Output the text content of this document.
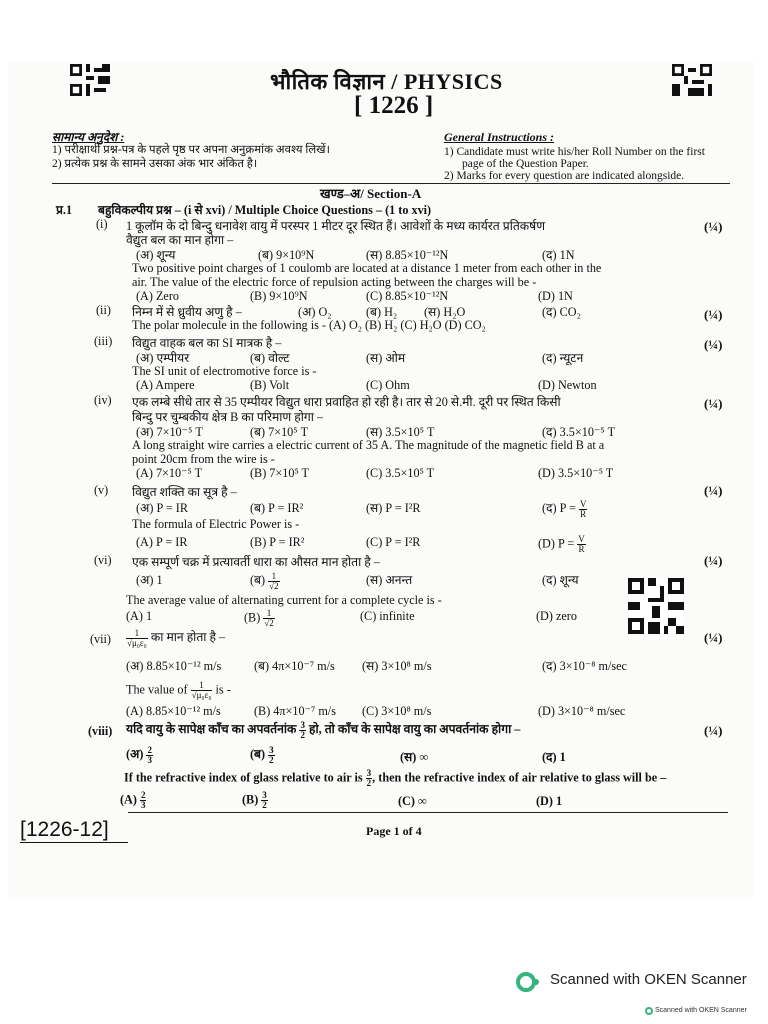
भौतिक विज्ञान / PHYSICS
[ 1226 ]
सामान्य अनुदेश :
1) परीक्षार्थी प्रश्न-पत्र के पहले पृष्ठ पर अपना अनुक्रमांक अवश्य लिखें।
2) प्रत्येक प्रश्न के सामने उसका अंक भार अंकित है।
General Instructions :
1) Candidate must write his/her Roll Number on the first
page of the Question Paper.
2) Marks for every question are indicated alongside.
खण्ड–अ/ Section-A
प्र.1 बहुविकल्पीय प्रश्न – (i से xvi) / Multiple Choice Questions – (1 to xvi)
(i) 1 कूलॉम के दो बिन्दु धनावेश वायु में परस्पर 1 मीटर दूर स्थित हैं। आवेशों के मध्य कार्यरत प्रतिकर्षण	(¼)
वैद्युत बल का मान होगा –
(अ) शून्य	(ब) 9×10⁹N	(स) 8.85×10⁻¹²N	(द) 1N
Two positive point charges of 1 coulomb are located at a distance 1 meter from each other in the
air. The value of the electric force of repulsion acting between the charges will be -
(A) Zero	(B) 9×10⁹N	(C) 8.85×10⁻¹²N	(D) 1N
(ii) निम्न में से ध्रुवीय अणु है –	(अ) O₂	(ब) H₂ (स) H₂O	(द) CO₂	(¼)
The polar molecule in the following is - (A) O₂ (B) H₂ (C) H₂O (D) CO₂
(iii) विद्युत वाहक बल का SI मात्रक है –	(¼)
(अ) एम्पीयर	(ब) वोल्ट	(स) ओम	(द) न्यूटन
The SI unit of electromotive force is -
(A) Ampere	(B) Volt	(C) Ohm	(D) Newton
(iv) एक लम्बे सीधे तार से 35 एम्पीयर विद्युत धारा प्रवाहित हो रही है। तार से 20 से.मी. दूरी पर स्थित किसी	(¼)
बिन्दु पर चुम्बकीय क्षेत्र B का परिमाण होगा –
(अ) 7×10⁻⁵ T	(ब) 7×10⁵ T	(स) 3.5×10⁵ T	(द) 3.5×10⁻⁵ T
A long straight wire carries a electric current of 35 A. The magnitude of the magnetic field B at a
point 20cm from the wire is -
(A) 7×10⁻⁵ T	(B) 7×10⁵ T	(C) 3.5×10⁵ T	(D) 3.5×10⁻⁵ T
(v) विद्युत शक्ति का सूत्र है –	(¼)
(अ) P = IR	(ब) P = IR²	(स) P = I²R	(द) $P = \frac{V}{R}$
The formula of Electric Power is -
(A) P = IR	(B) P = IR²	(C) P = I²R	(D) $P = \frac{V}{R}$
(vi) एक सम्पूर्ण चक्र में प्रत्यावर्ती धारा का औसत मान होता है –	(¼)
(अ) 1	(ब) $\frac{1}{√2}$	(स) अनन्त	(द) शून्य
The average value of alternating current for a complete cycle is -
(A) 1	$(B) \frac{1}{√2}$	(C) infinite	(D) zero
$(vii) \frac{1}{\text{√μ₀ε₀}}$ का मान होता है –	(¼)
(अ) 8.85×10⁻¹² m/s	(ब) 4π×10⁻⁷ m/s (स) 3×10⁸ m/s	(द) 3×10⁻⁸ m/sec
The value of $\frac{1}{\text{√μ₀ε₀}}$ is -
(A) 8.85×10⁻¹² m/s	(B) 4π×10⁻⁷ m/s (C) 3×10⁸ m/s	(D) 3×10⁻⁸ m/sec
(viii) यदि वायु के सापेक्ष काँच का अपवर्तनांक $\frac{3}{2}$ हो, तो काँच के सापेक्ष वायु का अपवर्तनांक होगा –	(¼)
(अ) $\frac{2}{3}$	(ब) $\frac{3}{2}$	(स) ∞	(द) 1
If the refractive index of glass relative to air is $\frac{3}{2}$ , then the refractive index of air relative to glass will be –
$(A) \frac{2}{3}$	$(B) \frac{3}{2}$	(C) ∞	(D) 1
[1226-12]	Page 1 of 4
Scanned with OKEN Scanner
Scanned with OKEN Scanner
